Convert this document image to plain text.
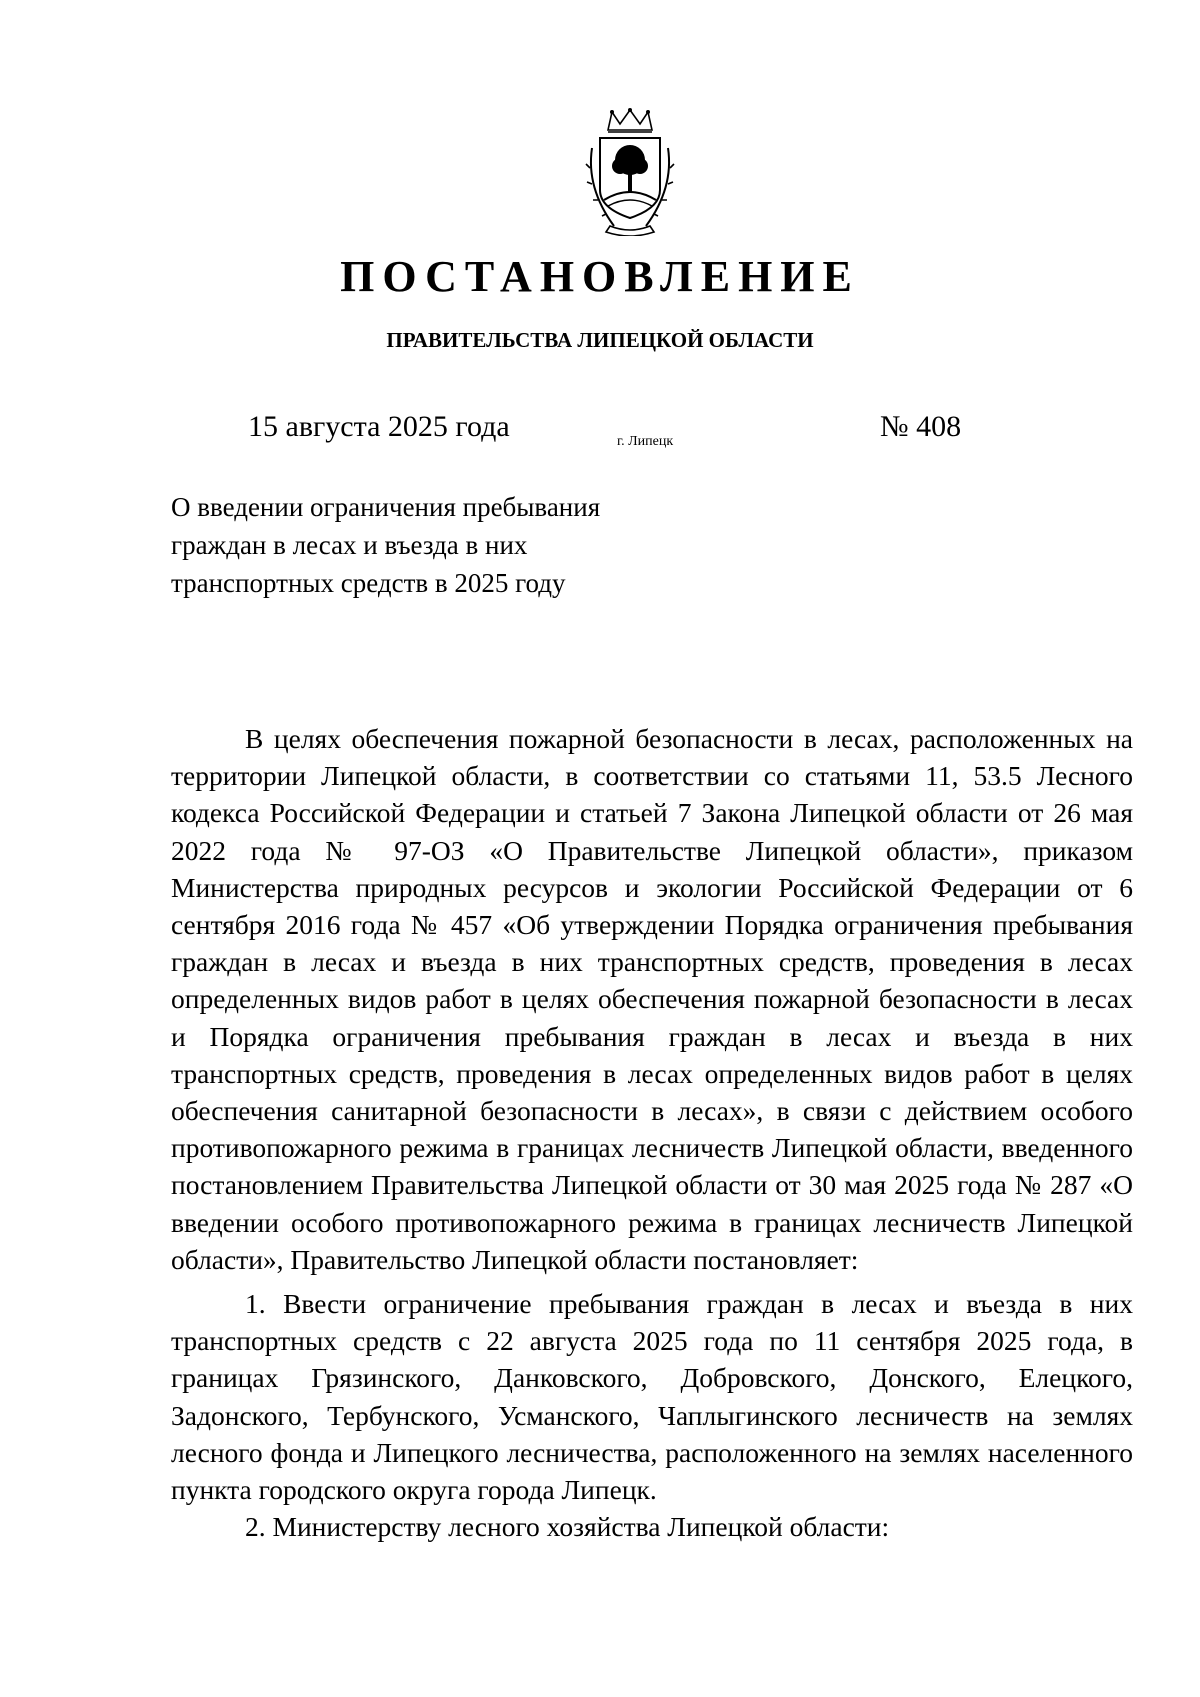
ПОСТАНОВЛЕНИЕ
ПРАВИТЕЛЬСТВА ЛИПЕЦКОЙ ОБЛАСТИ
15 августа 2025 года	г. Липецк	№ 408
О введении ограничения пребывания
граждан в лесах и въезда в них
транспортных средств в 2025 году

В целях обеспечения пожарной безопасности в лесах, расположенных на территории Липецкой области, в соответствии со статьями 11, 53.5 Лесного кодекса Российской Федерации и статьей 7 Закона Липецкой области от 26 мая 2022 года № 97-ОЗ «О Правительстве Липецкой области», приказом Министерства природных ресурсов и экологии Российской Федерации от 6 сентября 2016 года № 457 «Об утверждении Порядка ограничения пребывания граждан в лесах и въезда в них транспортных средств, проведения в лесах определенных видов работ в целях обеспечения пожарной безопасности в лесах и Порядка ограничения пребывания граждан в лесах и въезда в них транспортных средств, проведения в лесах определенных видов работ в целях обеспечения санитарной безопасности в лесах», в связи с действием особого противопожарного режима в границах лесничеств Липецкой области, введенного постановлением Правительства Липецкой области от 30 мая 2025 года № 287 «О введении особого противопожарного режима в границах лесничеств Липецкой области», Правительство Липецкой области постановляет:

1. Ввести ограничение пребывания граждан в лесах и въезда в них транспортных средств с 22 августа 2025 года по 11 сентября 2025 года, в границах Грязинского, Данковского, Добровского, Донского, Елецкого, Задонского, Тербунского, Усманского, Чаплыгинского лесничеств на землях лесного фонда и Липецкого лесничества, расположенного на землях населенного пункта городского округа города Липецк.

2. Министерству лесного хозяйства Липецкой области:
